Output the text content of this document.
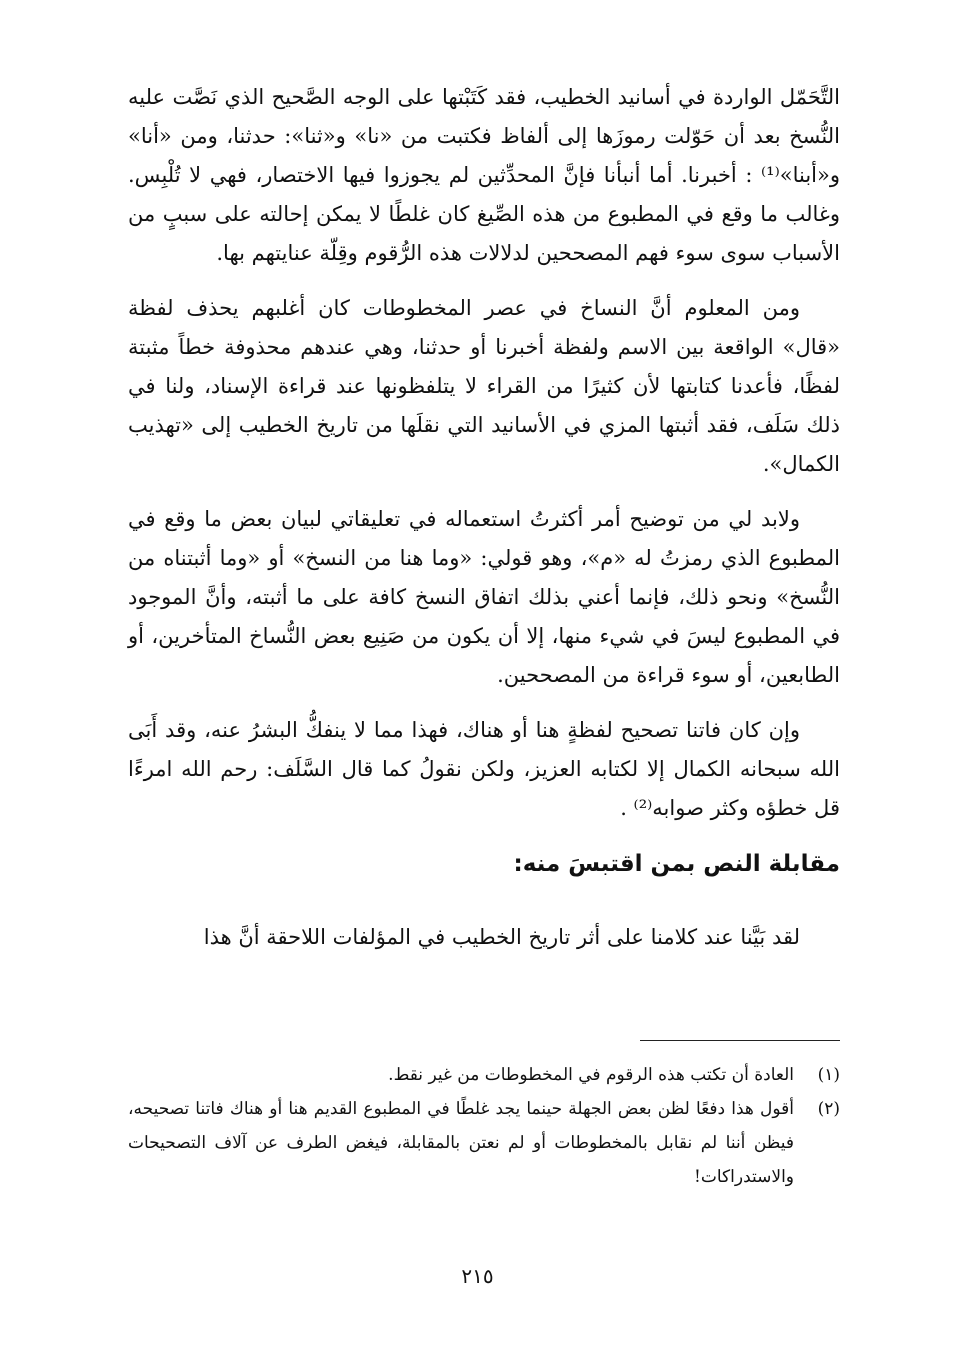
التَّحَمّل الواردة في أسانيد الخطيب، فقد كَتَبْتها على الوجه الصَّحيح الذي نَصَّت عليه النُّسخ بعد أن حَوّلت رموزَها إلى ألفاظ فكتبت من «نا» و«ثنا»: حدثنا، ومن «أنا» و«أبنا»⁽¹⁾ : أخبرنا. أما أنبأنا فإنَّ المحدِّثين لم يجوزوا فيها الاختصار، فهي لا تُلْبِس. وغالب ما وقع في المطبوع من هذه الصِّيغ كان غلطًا لا يمكن إحالته على سببٍ من الأسباب سوى سوء فهم المصححين لدلالات هذه الرُّقوم وقِلّة عنايتهم بها.

ومن المعلوم أنَّ النساخ في عصر المخطوطات كان أغلبهم يحذف لفظة «قال» الواقعة بين الاسم ولفظة أخبرنا أو حدثنا، وهي عندهم محذوفة خطاً مثبتة لفظًا، فأعدنا كتابتها لأن كثيرًا من القراء لا يتلفظونها عند قراءة الإسناد، ولنا في ذلك سَلَف، فقد أثبتها المزي في الأسانيد التي نقلَها من تاريخ الخطيب إلى «تهذيب الكمال».

ولابد لي من توضيح أمر أكثرتُ استعماله في تعليقاتي لبيان بعض ما وقع في المطبوع الذي رمزتُ له «م»، وهو قولي: «وما هنا من النسخ» أو «وما أثبتناه من النُّسخ» ونحو ذلك، فإنما أعني بذلك اتفاق النسخ كافة على ما أثبته، وأنَّ الموجود في المطبوع ليسَ في شيء منها، إلا أن يكون من صَنِيع بعض النُّساخ المتأخرين، أو الطابعين، أو سوء قراءة من المصححين.

وإن كان فاتنا تصحيح لفظةٍ هنا أو هناك، فهذا مما لا ينفكُّ البشرُ عنه، وقد أَبَى الله سبحانه الكمال إلا لكتابه العزيز، ولكن نقولُ كما قال السَّلَف: رحم الله امرءًا قل خطؤه وكثر صوابه⁽²⁾ .

مقابلة النص بمن اقتبسَ منه:

لقد بَيَّنا عند كلامنا على أثر تاريخ الخطيب في المؤلفات اللاحقة أنَّ هذا

(١)
العادة أن تكتب هذه الرقوم في المخطوطات من غير نقط.
(٢)
أقول هذا دفعًا لظن بعض الجهلة حينما يجد غلطًا في المطبوع القديم هنا أو هناك فاتنا تصحيحه، فيظن أننا لم نقابل بالمخطوطات أو لم نعتن بالمقابلة، فيغض الطرف عن آلاف التصحيحات والاستدراكات!
٢١٥
